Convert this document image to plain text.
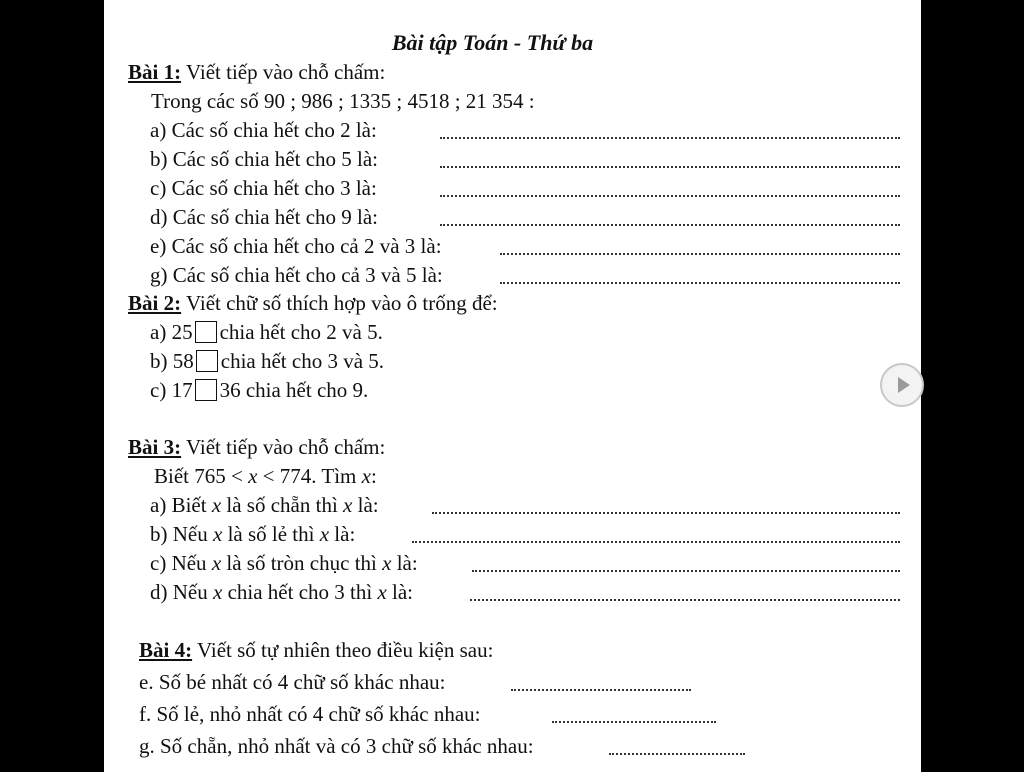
Bài tập Toán - Thứ ba
Bài 1: Viết tiếp vào chỗ chấm:
Trong các số 90 ; 986 ; 1335 ; 4518 ; 21 354 :
a) Các số chia hết cho 2 là:
b) Các số chia hết cho 5 là:
c) Các số chia hết cho 3 là:
d) Các số chia hết cho 9 là:
e) Các số chia hết cho cả 2 và 3 là:
g) Các số chia hết cho cả 3 và 5 là:
Bài 2: Viết chữ số thích hợp vào ô trống để:
a) 25 chia hết cho 2 và 5.
b) 58 chia hết cho 3 và 5.
c) 17 36 chia hết cho 9.
Bài 3: Viết tiếp vào chỗ chấm:
Biết 765 < x < 774. Tìm x:
a) Biết x là số chẵn thì x là:
b) Nếu x là số lẻ thì x là:
c) Nếu x là số tròn chục thì x là:
d) Nếu x chia hết cho 3 thì x là:
Bài 4: Viết số tự nhiên theo điều kiện sau:
e. Số bé nhất có 4 chữ số khác nhau:
f. Số lẻ, nhỏ nhất có 4 chữ số khác nhau:
g. Số chẵn, nhỏ nhất và có 3 chữ số khác nhau:
